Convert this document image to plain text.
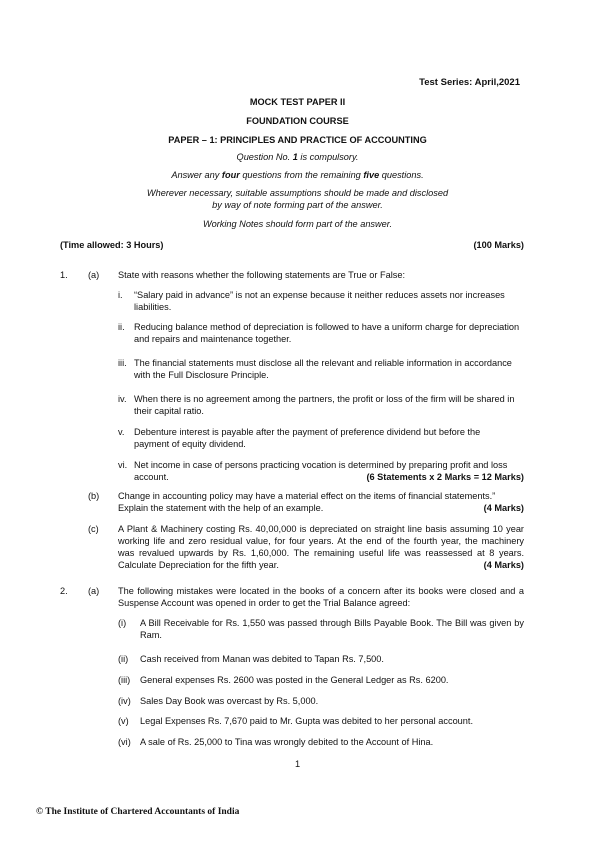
Test Series: April,2021
MOCK TEST PAPER II
FOUNDATION COURSE
PAPER – 1: PRINCIPLES AND PRACTICE OF ACCOUNTING
Question No. 1 is compulsory.
Answer any four questions from the remaining five questions.
Wherever necessary, suitable assumptions should be made and disclosed
by way of note forming part of the answer.
Working Notes should form part of the answer.
(Time allowed: 3 Hours)	(100 Marks)
1. (a) State with reasons whether the following statements are True or False:
i. “Salary paid in advance” is not an expense because it neither reduces assets nor increases
liabilities.
ii. Reducing balance method of depreciation is followed to have a uniform charge for depreciation
and repairs and maintenance together.
iii. The financial statements must disclose all the relevant and reliable information in accordance
with the Full Disclosure Principle.
iv. When there is no agreement among the partners, the profit or loss of the firm will be shared in
their capital ratio.
v. Debenture interest is payable after the payment of preference dividend but before the
payment of equity dividend.
vi. Net income in case of persons practicing vocation is determined by preparing profit and loss
account.	(6 Statements x 2 Marks = 12 Marks)
(b) Change in accounting policy may have a material effect on the items of financial statements.”
Explain the statement with the help of an example.	(4 Marks)
(c) A Plant & Machinery costing Rs. 40,00,000 is depreciated on straight line basis assuming 10 year
working life and zero residual value, for four years. At the end of the fourth year, the machinery
was revalued upwards by Rs. 1,60,000. The remaining useful life was reassessed at 8 years.
Calculate Depreciation for the fifth year.	(4 Marks)
2. (a) The following mistakes were located in the books of a concern after its books were closed and a
Suspense Account was opened in order to get the Trial Balance agreed:
(i) A Bill Receivable for Rs. 1,550 was passed through Bills Payable Book. The Bill was given by
Ram.
(ii) Cash received from Manan was debited to Tapan Rs. 7,500.
(iii) General expenses Rs. 2600 was posted in the General Ledger as Rs. 6200.
(iv) Sales Day Book was overcast by Rs. 5,000.
(v) Legal Expenses Rs. 7,670 paid to Mr. Gupta was debited to her personal account.
(vi) A sale of Rs. 25,000 to Tina was wrongly debited to the Account of Hina.
1
© The Institute of Chartered Accountants of India
